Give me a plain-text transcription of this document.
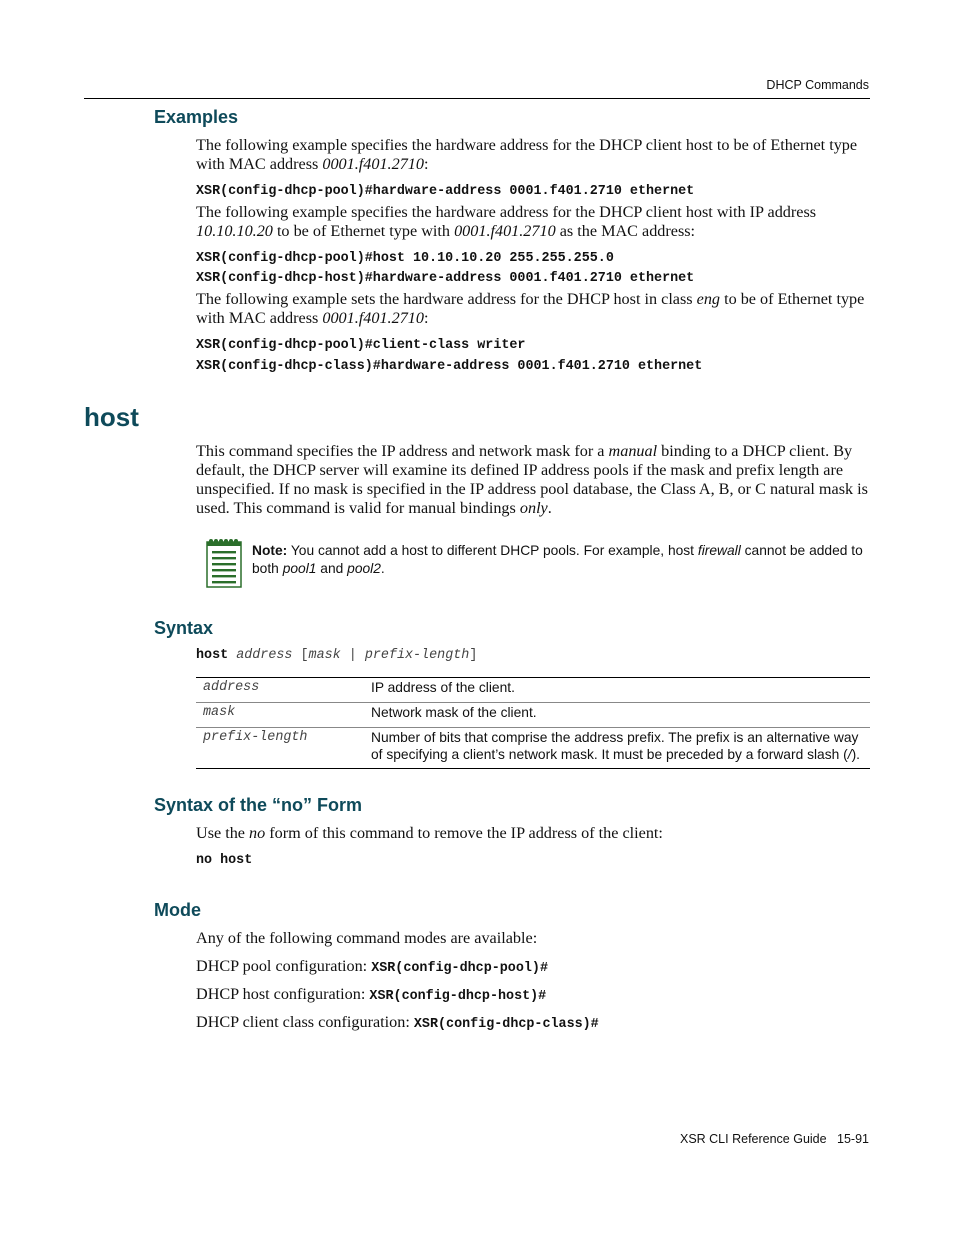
DHCP Commands
Examples
The following example specifies the hardware address for the DHCP client host to be of Ethernet type with MAC address 0001.f401.2710:
XSR(config-dhcp-pool)#hardware-address 0001.f401.2710 ethernet
The following example specifies the hardware address for the DHCP client host with IP address 10.10.10.20 to be of Ethernet type with 0001.f401.2710 as the MAC address:
XSR(config-dhcp-pool)#host 10.10.10.20 255.255.255.0
XSR(config-dhcp-host)#hardware-address 0001.f401.2710 ethernet
The following example sets the hardware address for the DHCP host in class eng to be of Ethernet type with MAC address 0001.f401.2710:
XSR(config-dhcp-pool)#client-class writer
XSR(config-dhcp-class)#hardware-address 0001.f401.2710 ethernet
host
This command specifies the IP address and network mask for a manual binding to a DHCP client. By default, the DHCP server will examine its defined IP address pools if the mask and prefix length are unspecified. If no mask is specified in the IP address pool database, the Class A, B, or C natural mask is used. This command is valid for manual bindings only.
Note: You cannot add a host to different DHCP pools. For example, host firewall cannot be added to both pool1 and pool2.
Syntax
host address [mask | prefix-length]
address	IP address of the client.
mask	Network mask of the client.
prefix-length	Number of bits that comprise the address prefix. The prefix is an alternative way of specifying a client’s network mask. It must be preceded by a forward slash (/).
Syntax of the “no” Form
Use the no form of this command to remove the IP address of the client:
no host
Mode
Any of the following command modes are available:
DHCP pool configuration: XSR(config-dhcp-pool)#
DHCP host configuration: XSR(config-dhcp-host)#
DHCP client class configuration: XSR(config-dhcp-class)#
XSR CLI Reference Guide 15-91
